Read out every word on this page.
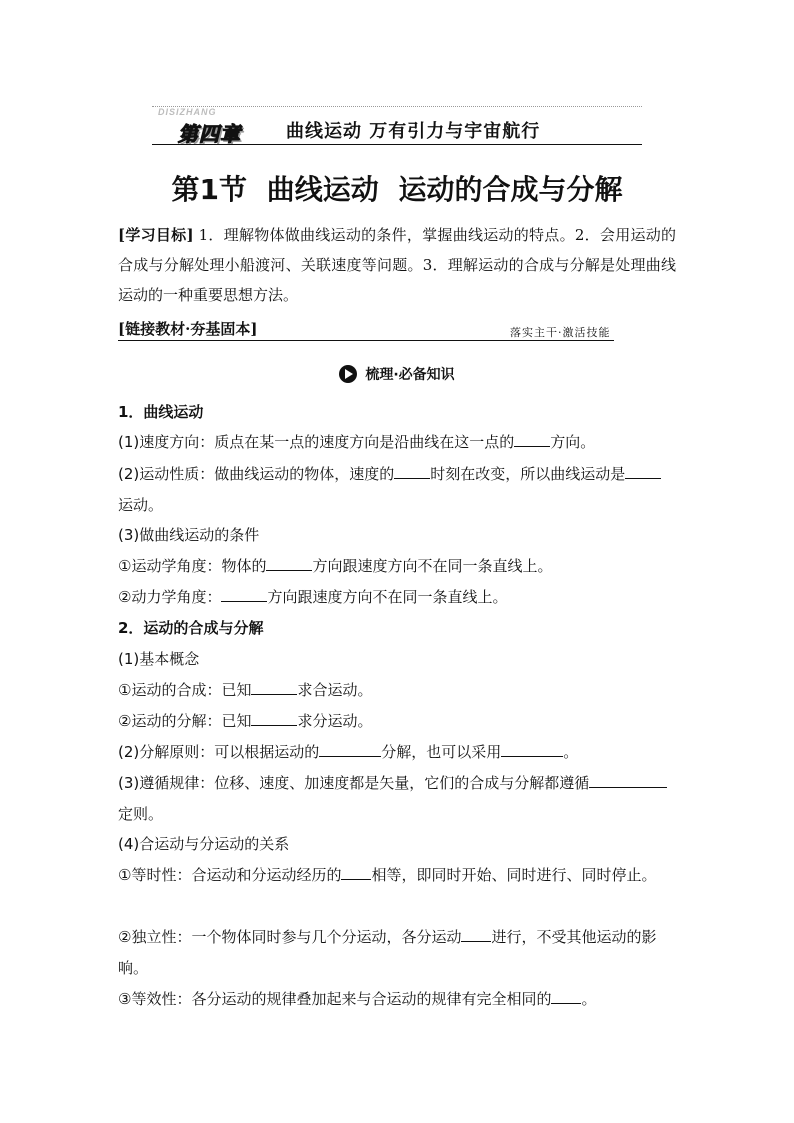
DISIZHANG
第四章	曲线运动 万有引力与宇宙航行
第1节 曲线运动 运动的合成与分解
[学习目标] 1．理解物体做曲线运动的条件，掌握曲线运动的特点。2．会用运动的合成与分解处理小船渡河、关联速度等问题。3．理解运动的合成与分解是处理曲线运动的一种重要思想方法。
[链接教材·夯基固本]	落实主干·激活技能
梳理·必备知识
1．曲线运动
(1)速度方向：质点在某一点的速度方向是沿曲线在这一点的 方向。
(2)运动性质：做曲线运动的物体，速度的 时刻在改变，所以曲线运动是
运动。
(3)做曲线运动的条件
①运动学角度：物体的	方向跟速度方向不在同一条直线上。
②动力学角度：	方向跟速度方向不在同一条直线上。
2．运动的合成与分解
(1)基本概念
①运动的合成：已知	求合运动。
②运动的分解：已知	求分运动。
(2)分解原则：可以根据运动的	分解，也可以采用	。
(3)遵循规律：位移、速度、加速度都是矢量，它们的合成与分解都遵循
定则。
(4)合运动与分运动的关系
①等时性：合运动和分运动经历的 相等，即同时开始、同时进行、同时停止。
②独立性：一个物体同时参与几个分运动，各分运动 进行，不受其他运动的影响。
③等效性：各分运动的规律叠加起来与合运动的规律有完全相同的 。
